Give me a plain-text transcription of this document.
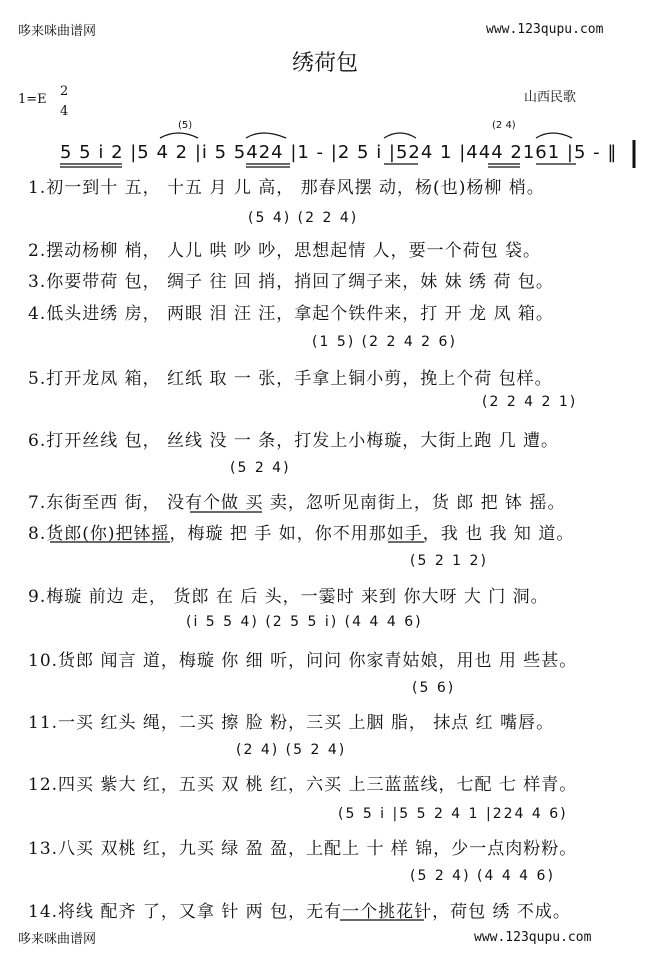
哆来咪曲谱网	www.123qupu.com
绣荷包
1=E
2
4
山西民歌
(5)	(2 4)
5 5 i 2 |5 4 2 |i 5 5424 |1 - |2 5 i |524 1 |444 2161 |5 - ‖
1.初一到十 五， 十五 月 儿 高， 那春风摆 动，杨(也)杨柳 梢。
(5 4) (2 2 4)
2.摆动杨柳 梢， 人儿 哄 吵 吵，思想起情 人，要一个荷包 袋。
3.你要带荷 包， 绸子 往 回 捎，捎回了绸子来，妹 妹 绣 荷 包。
4.低头进绣 房， 两眼 泪 汪 汪，拿起个铁件来，打 开 龙 凤 箱。
(1 5) (2 2 4 2 6)
5.打开龙凤 箱， 红纸 取 一 张，手拿上铜小剪，挽上个荷 包样。
(2 2 4 2 1)
6.打开丝线 包， 丝线 没 一 条，打发上小梅璇，大街上跑 几 遭。
(5 2 4)
7.东街至西 街， 没有个做 买 卖，忽听见南街上，货 郎 把 钵 摇。
(5 2 1 2)
8.货郎(你)把钵摇，梅璇 把 手 如，你不用那如手，我 也 我 知 道。
(i 5 5 4) (2 5 5 i) (4 4 4 6)
9.梅璇 前边 走， 货郎 在 后 头，一霎时 来到 你大呀 大 门 洞。
(5 6)
10.货郎 闻言 道，梅璇 你 细 听，问问 你家青姑娘，用也 用 些甚。
(2 4) (5 2 4)
11.一买 红头 绳，二买 擦 脸 粉，三买 上胭 脂， 抹点 红 嘴唇。
(5 5 i |5 5 2 4 1 |224 4 6)
12.四买 紫大 红，五买 双 桃 红，六买 上三蓝蓝线，七配 七 样青。
(5 2 4) (4 4 4 6)
13.八买 双桃 红，九买 绿 盈 盈，上配上 十 样 锦，少一点肉粉粉。
14.将线 配齐 了，又拿 针 两 包，无有一个挑花针，荷包 绣 不成。
哆来咪曲谱网	www.123qupu.com
